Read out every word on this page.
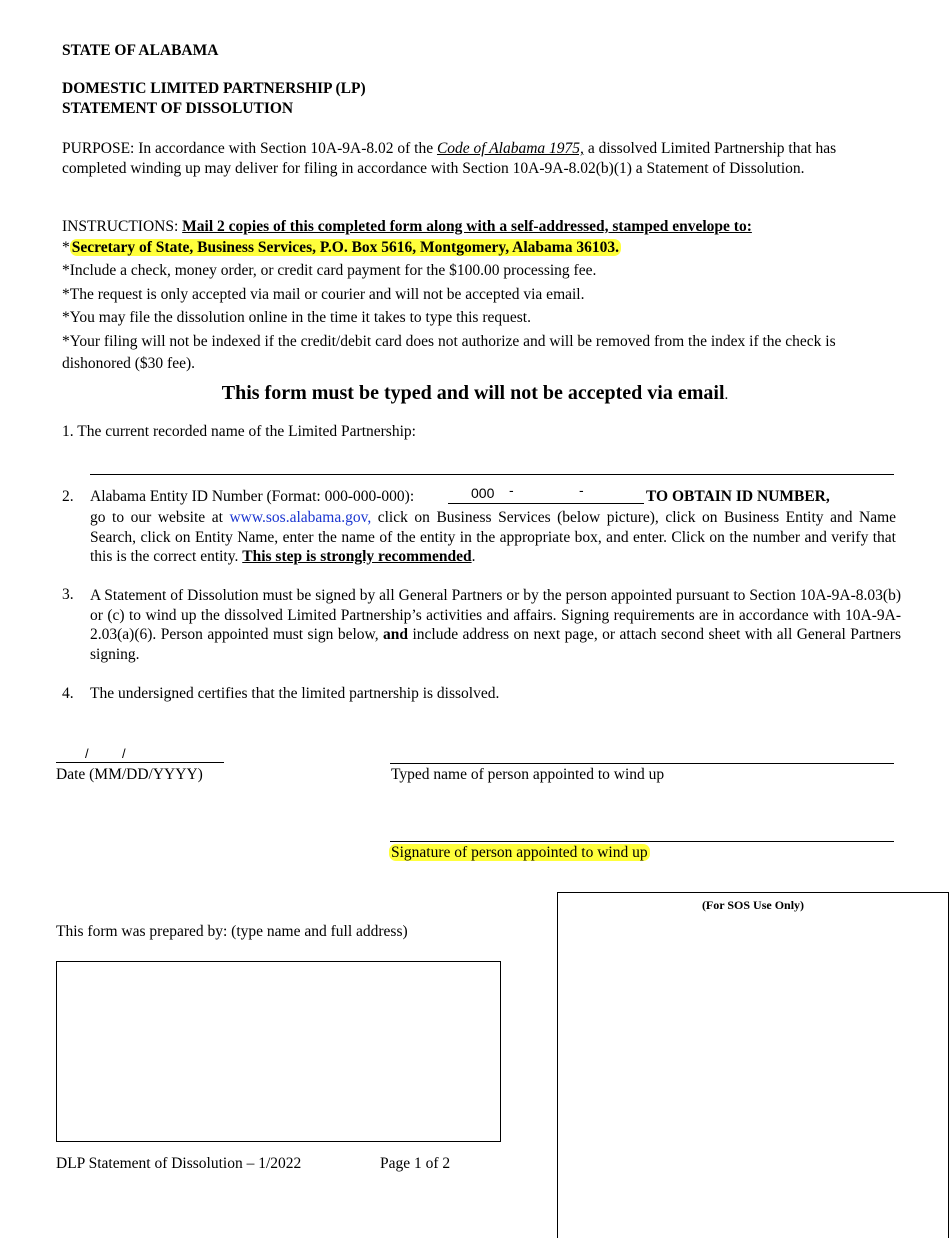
STATE OF ALABAMA
DOMESTIC LIMITED PARTNERSHIP (LP)
STATEMENT OF DISSOLUTION
PURPOSE: In accordance with Section 10A-9A-8.02 of the Code of Alabama 1975, a dissolved Limited Partnership that has completed winding up may deliver for filing in accordance with Section 10A-9A-8.02(b)(1) a Statement of Dissolution.
INSTRUCTIONS: Mail 2 copies of this completed form along with a self-addressed, stamped envelope to:
* Secretary of State, Business Services, P.O. Box 5616, Montgomery, Alabama 36103.
*Include a check, money order, or credit card payment for the $100.00 processing fee.
*The request is only accepted via mail or courier and will not be accepted via email.
*You may file the dissolution online in the time it takes to type this request.
*Your filing will not be indexed if the credit/debit card does not authorize and will be removed from the index if the check is dishonored ($30 fee).
This form must be typed and will not be accepted via email.
1. The current recorded name of the Limited Partnership:
2. Alabama Entity ID Number (Format: 000-000-000):	000 -	-	TO OBTAIN ID NUMBER,
go to our website at www.sos.alabama.gov, click on Business Services (below picture), click on Business Entity and Name Search, click on Entity Name, enter the name of the entity in the appropriate box, and enter. Click on the number and verify that this is the correct entity. This step is strongly recommended.
3. A Statement of Dissolution must be signed by all General Partners or by the person appointed pursuant to Section 10A-9A-8.03(b) or (c) to wind up the dissolved Limited Partnership’s activities and affairs. Signing requirements are in accordance with 10A-9A-2.03(a)(6). Person appointed must sign below, and include address on next page, or attach second sheet with all General Partners signing.
4. The undersigned certifies that the limited partnership is dissolved.
/	/
Date (MM/DD/YYYY)	Typed name of person appointed to wind up
Signature of person appointed to wind up
This form was prepared by: (type name and full address)
(For SOS Use Only)
DLP Statement of Dissolution – 1/2022	Page 1 of 2
